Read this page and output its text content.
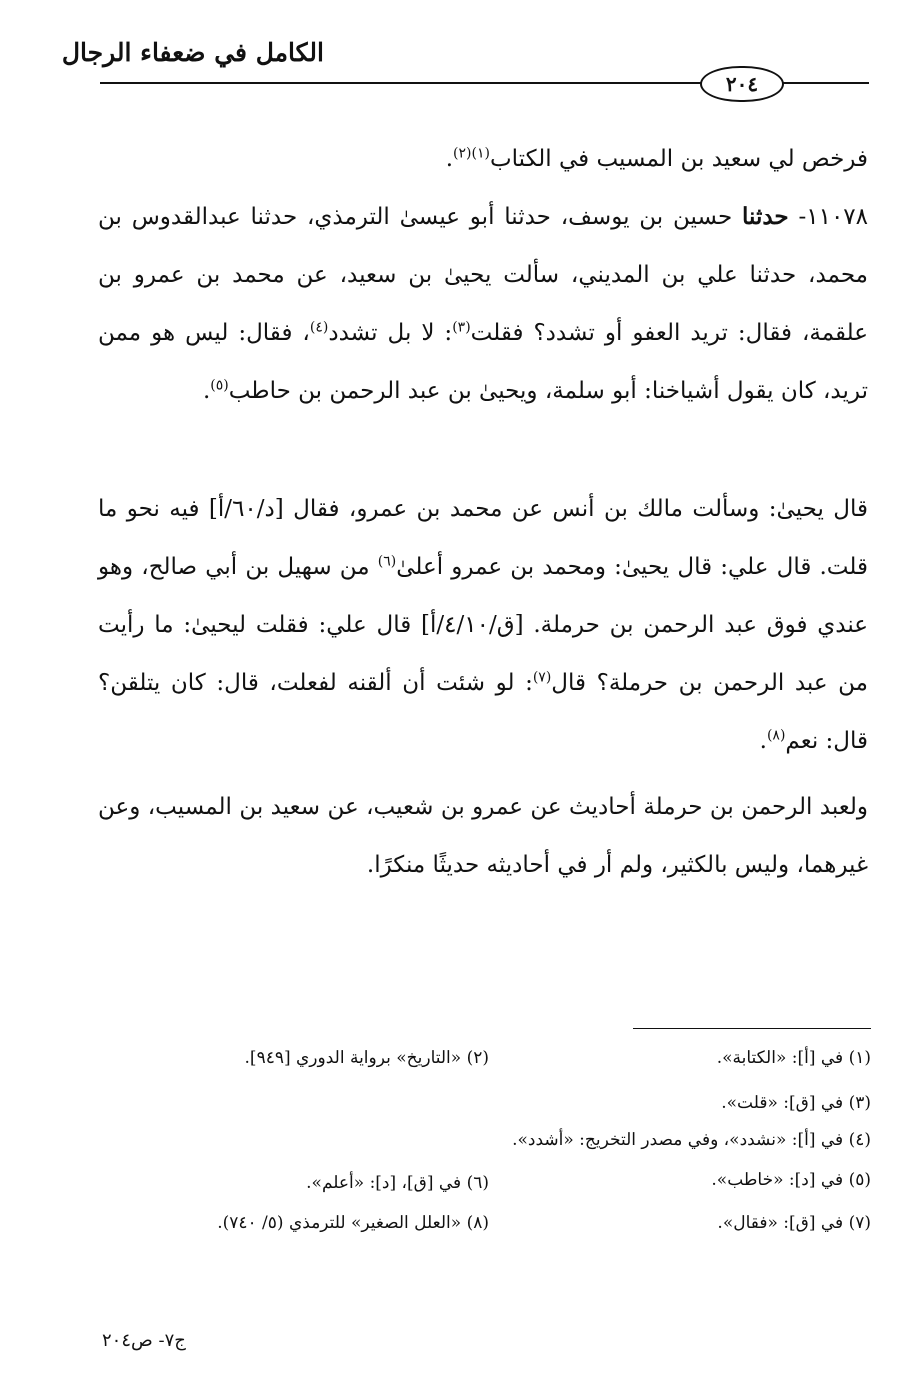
الكامل في ضعفاء الرجال
٢٠٤
فرخص لي سعيد بن المسيب في الكتاب$^{(١)(٢)}$.

١١٠٧٨- حدثنا حسين بن يوسف، حدثنا أبو عيسىٰ الترمذي، حدثنا عبدالقدوس بن محمد، حدثنا علي بن المديني، سألت يحيىٰ بن سعيد، عن محمد بن عمرو بن علقمة، فقال: تريد العفو أو تشدد؟ فقلت$^{(٣)}$: لا بل تشدد$^{(٤)}$، فقال: ليس هو ممن تريد، كان يقول أشياخنا: أبو سلمة، ويحيىٰ بن عبد الرحمن بن حاطب$^{(٥)}$.

قال يحيىٰ: وسألت مالك بن أنس عن محمد بن عمرو، فقال [د/٦٠/أ] فيه نحو ما قلت. قال علي: قال يحيىٰ: ومحمد بن عمرو أعلىٰ$^{(٦)}$ من سهيل بن أبي صالح، وهو عندي فوق عبد الرحمن بن حرملة. [ق/٤/١٠/أ] قال علي: فقلت ليحيىٰ: ما رأيت من عبد الرحمن بن حرملة؟ قال$^{(٧)}$: لو شئت أن ألقنه لفعلت، قال: كان يتلقن؟ قال: نعم$^{(٨)}$.

ولعبد الرحمن بن حرملة أحاديث عن عمرو بن شعيب، عن سعيد بن المسيب، وعن غيرهما، وليس بالكثير، ولم أر في أحاديثه حديثًا منكرًا.

(١) في [أ]: «الكتابة».
(٢) «التاريخ» برواية الدوري [٩٤٩].
(٣) في [ق]: «قلت».
(٤) في [أ]: «نشدد»، وفي مصدر التخريج: «أشدد».
(٥) في [د]: «خاطب».
(٦) في [ق]، [د]: «أعلم».
(٧) في [ق]: «فقال».
(٨) «العلل الصغير» للترمذي (٥/ ٧٤٠).
ج٧- ص٢٠٤
